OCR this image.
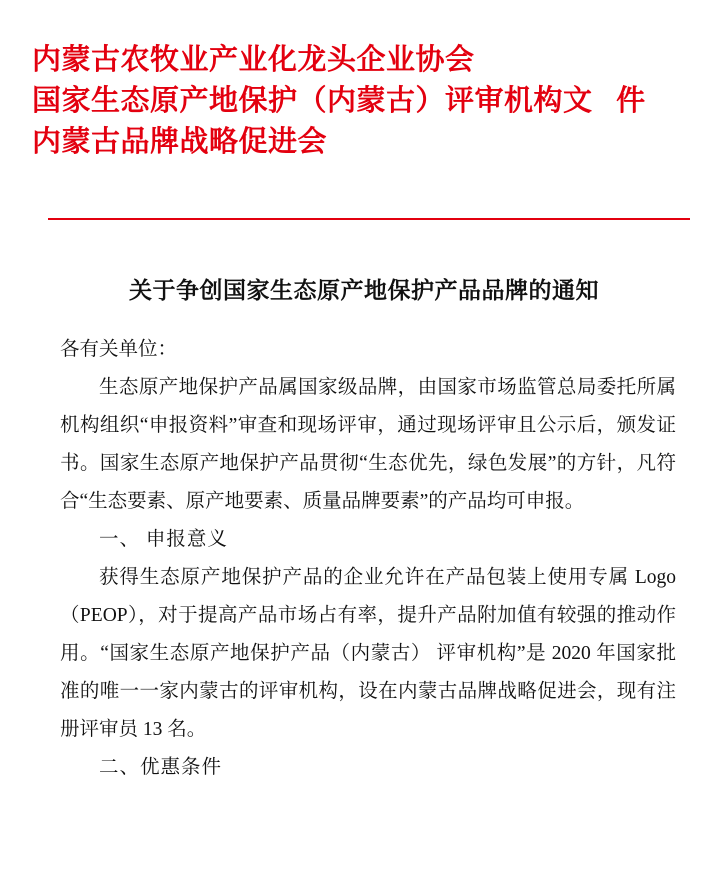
内蒙古农牧业产业化龙头企业协会
国家生态原产地保护（内蒙古）评审机构文 件
内蒙古品牌战略促进会
关于争创国家生态原产地保护产品品牌的通知

各有关单位：

生态原产地保护产品属国家级品牌，由国家市场监管总局委托所属机构组织“申报资料”审查和现场评审，通过现场评审且公示后，颁发证书。国家生态原产地保护产品贯彻“生态优先，绿色发展”的方针，凡符合“生态要素、原产地要素、质量品牌要素”的产品均可申报。

一、 申报意义

获得生态原产地保护产品的企业允许在产品包装上使用专属 Logo（PEOP），对于提高产品市场占有率，提升产品附加值有较强的推动作用。“国家生态原产地保护产品（内蒙古） 评审机构”是 2020 年国家批准的唯一一家内蒙古的评审机构，设在内蒙古品牌战略促进会，现有注册评审员 13 名。

二、优惠条件
